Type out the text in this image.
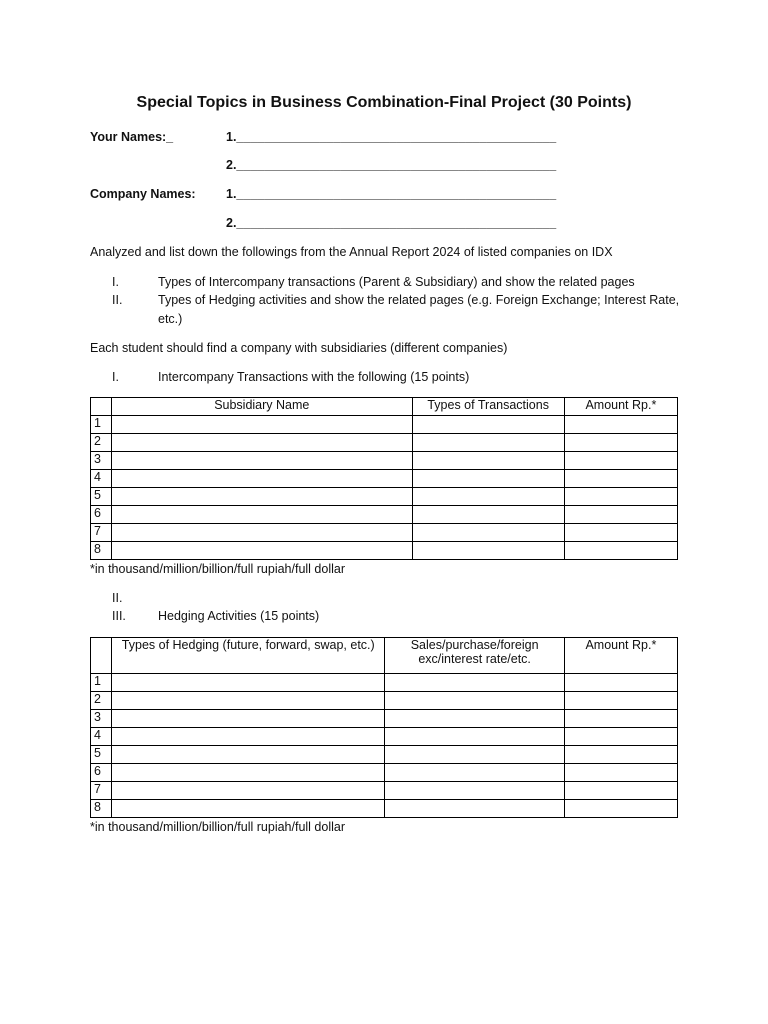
Special Topics in Business Combination-Final Project (30 Points)
Your Names:_	1.______________________________________________
2.______________________________________________
Company Names: 1.______________________________________________
2.______________________________________________
Analyzed and list down the followings from the Annual Report 2024 of listed companies on IDX
I.	Types of Intercompany transactions (Parent & Subsidiary) and show the related pages
II.	Types of Hedging activities and show the related pages (e.g. Foreign Exchange; Interest Rate,
etc.)
Each student should find a company with subsidiaries (different companies)
I.	Intercompany Transactions with the following (15 points)
	Subsidiary Name	Types of Transactions	Amount Rp.*
1			
2			
3			
4			
5			
6			
7			
8			
*in thousand/million/billion/full rupiah/full dollar
II.
III.	Hedging Activities (15 points)
	Types of Hedging (future, forward, swap, etc.)	Sales/purchase/foreign
exc/interest rate/etc.	Amount Rp.*
1			
2			
3			
4			
5			
6			
7			
8			
*in thousand/million/billion/full rupiah/full dollar
